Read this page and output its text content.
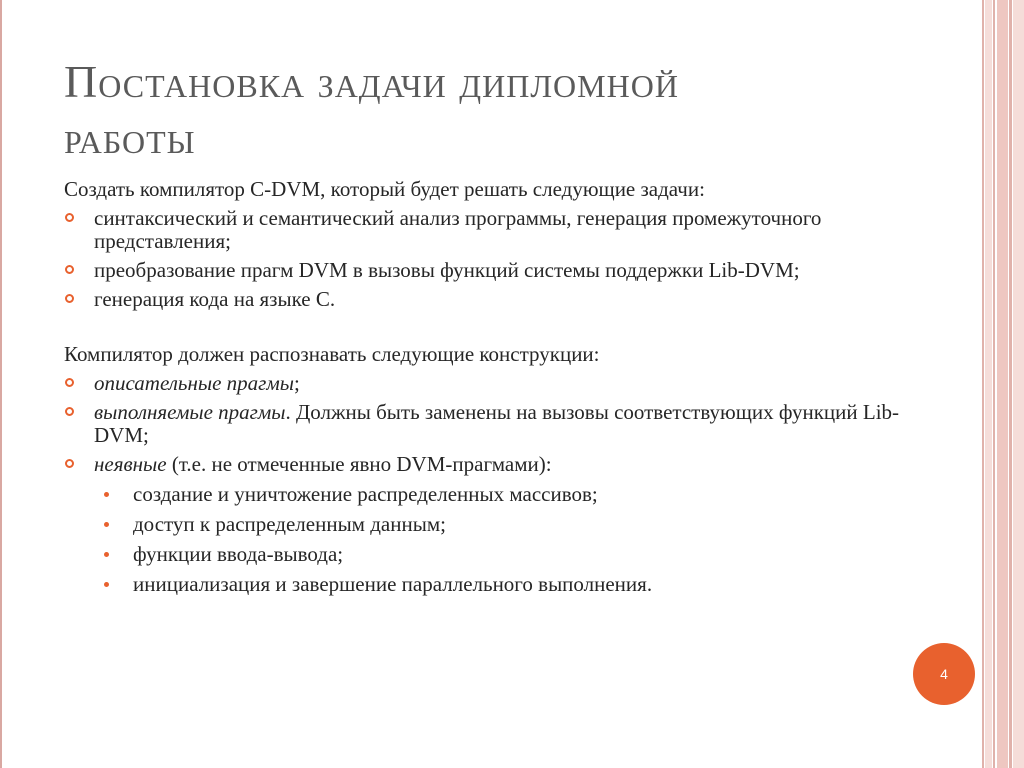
Постановка задачи дипломной
работы

Создать компилятор C-DVM, который будет решать следующие задачи:

синтаксический и семантический анализ программы, генерация промежуточного представления;
преобразование прагм DVM в вызовы функций системы поддержки Lib-DVM;
генерация кода на языке С.

Компилятор должен распознавать следующие конструкции:

описательные прагмы;
выполняемые прагмы. Должны быть заменены на вызовы соответствующих функций Lib-DVM;
неявные (т.е. не отмеченные явно DVM-прагмами):
создание и уничтожение распределенных массивов;
доступ к распределенным данным;
функции ввода-вывода;
инициализация и завершение параллельного выполнения.
4
